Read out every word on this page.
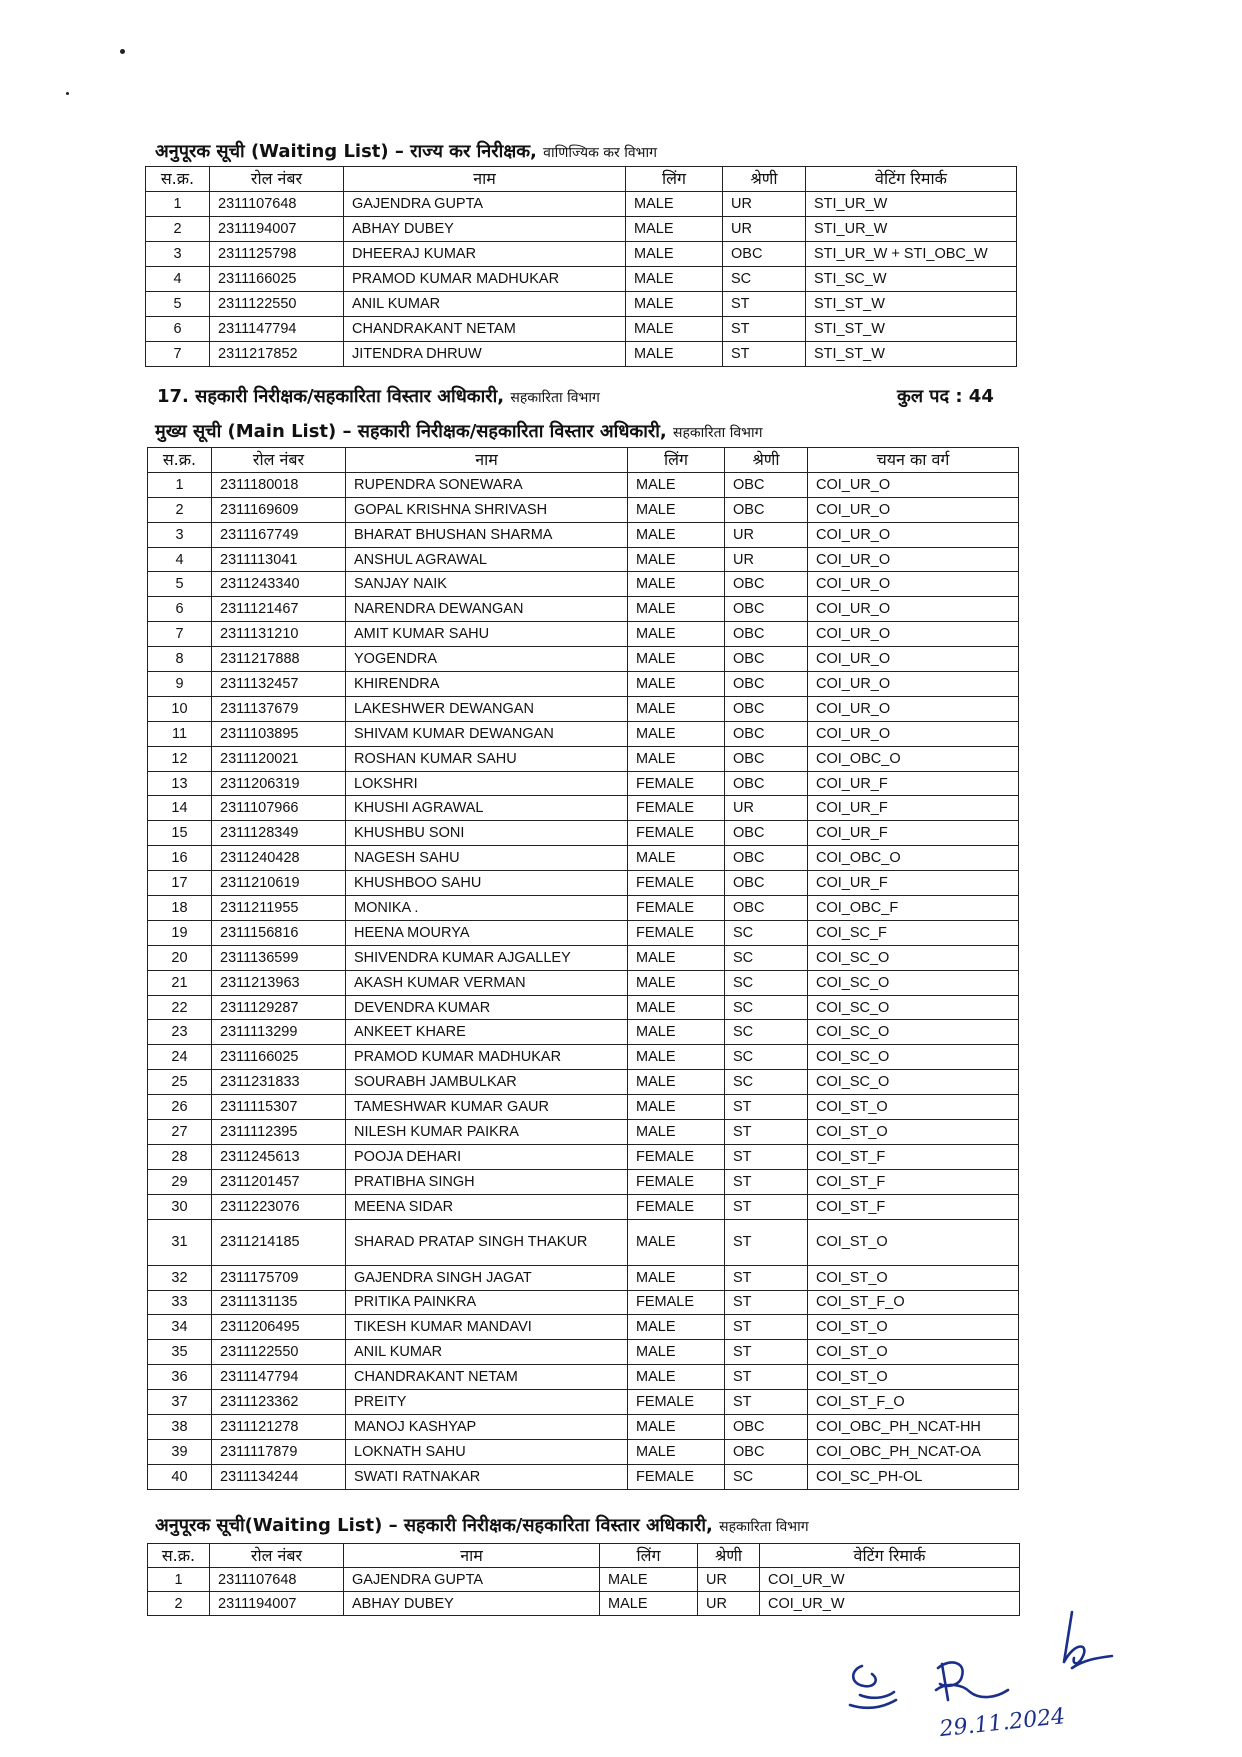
अनुपूरक सूची (Waiting List) – राज्य कर निरीक्षक, वाणिज्यिक कर विभाग
स.क्र.	रोल नंबर	नाम	लिंग	श्रेणी	वेटिंग रिमार्क
1	2311107648	GAJENDRA GUPTA	MALE	UR	STI_UR_W
2	2311194007	ABHAY DUBEY	MALE	UR	STI_UR_W
3	2311125798	DHEERAJ KUMAR	MALE	OBC	STI_UR_W + STI_OBC_W
4	2311166025	PRAMOD KUMAR MADHUKAR	MALE	SC	STI_SC_W
5	2311122550	ANIL KUMAR	MALE	ST	STI_ST_W
6	2311147794	CHANDRAKANT NETAM	MALE	ST	STI_ST_W
7	2311217852	JITENDRA DHRUW	MALE	ST	STI_ST_W
17. सहकारी निरीक्षक/सहकारिता विस्तार अधिकारी, सहकारिता विभाग	कुल पद : 44
मुख्य सूची (Main List) – सहकारी निरीक्षक/सहकारिता विस्तार अधिकारी, सहकारिता विभाग
स.क्र.	रोल नंबर	नाम	लिंग	श्रेणी	चयन का वर्ग
1	2311180018	RUPENDRA SONEWARA	MALE	OBC	COI_UR_O
2	2311169609	GOPAL KRISHNA SHRIVASH	MALE	OBC	COI_UR_O
3	2311167749	BHARAT BHUSHAN SHARMA	MALE	UR	COI_UR_O
4	2311113041	ANSHUL AGRAWAL	MALE	UR	COI_UR_O
5	2311243340	SANJAY NAIK	MALE	OBC	COI_UR_O
6	2311121467	NARENDRA DEWANGAN	MALE	OBC	COI_UR_O
7	2311131210	AMIT KUMAR SAHU	MALE	OBC	COI_UR_O
8	2311217888	YOGENDRA	MALE	OBC	COI_UR_O
9	2311132457	KHIRENDRA	MALE	OBC	COI_UR_O
10	2311137679	LAKESHWER DEWANGAN	MALE	OBC	COI_UR_O
11	2311103895	SHIVAM KUMAR DEWANGAN	MALE	OBC	COI_UR_O
12	2311120021	ROSHAN KUMAR SAHU	MALE	OBC	COI_OBC_O
13	2311206319	LOKSHRI	FEMALE	OBC	COI_UR_F
14	2311107966	KHUSHI AGRAWAL	FEMALE	UR	COI_UR_F
15	2311128349	KHUSHBU SONI	FEMALE	OBC	COI_UR_F
16	2311240428	NAGESH SAHU	MALE	OBC	COI_OBC_O
17	2311210619	KHUSHBOO SAHU	FEMALE	OBC	COI_UR_F
18	2311211955	MONIKA .	FEMALE	OBC	COI_OBC_F
19	2311156816	HEENA MOURYA	FEMALE	SC	COI_SC_F
20	2311136599	SHIVENDRA KUMAR AJGALLEY	MALE	SC	COI_SC_O
21	2311213963	AKASH KUMAR VERMAN	MALE	SC	COI_SC_O
22	2311129287	DEVENDRA KUMAR	MALE	SC	COI_SC_O
23	2311113299	ANKEET KHARE	MALE	SC	COI_SC_O
24	2311166025	PRAMOD KUMAR MADHUKAR	MALE	SC	COI_SC_O
25	2311231833	SOURABH JAMBULKAR	MALE	SC	COI_SC_O
26	2311115307	TAMESHWAR KUMAR GAUR	MALE	ST	COI_ST_O
27	2311112395	NILESH KUMAR PAIKRA	MALE	ST	COI_ST_O
28	2311245613	POOJA DEHARI	FEMALE	ST	COI_ST_F
29	2311201457	PRATIBHA SINGH	FEMALE	ST	COI_ST_F
30	2311223076	MEENA SIDAR	FEMALE	ST	COI_ST_F
31	2311214185	SHARAD PRATAP SINGH THAKUR	MALE	ST	COI_ST_O
32	2311175709	GAJENDRA SINGH JAGAT	MALE	ST	COI_ST_O
33	2311131135	PRITIKA PAINKRA	FEMALE	ST	COI_ST_F_O
34	2311206495	TIKESH KUMAR MANDAVI	MALE	ST	COI_ST_O
35	2311122550	ANIL KUMAR	MALE	ST	COI_ST_O
36	2311147794	CHANDRAKANT NETAM	MALE	ST	COI_ST_O
37	2311123362	PREITY	FEMALE	ST	COI_ST_F_O
38	2311121278	MANOJ KASHYAP	MALE	OBC	COI_OBC_PH_NCAT-HH
39	2311117879	LOKNATH SAHU	MALE	OBC	COI_OBC_PH_NCAT-OA
40	2311134244	SWATI RATNAKAR	FEMALE	SC	COI_SC_PH-OL
अनुपूरक सूची(Waiting List) – सहकारी निरीक्षक/सहकारिता विस्तार अधिकारी, सहकारिता विभाग
स.क्र.	रोल नंबर	नाम	लिंग	श्रेणी	वेटिंग रिमार्क
1	2311107648	GAJENDRA GUPTA	MALE	UR	COI_UR_W
2	2311194007	ABHAY DUBEY	MALE	UR	COI_UR_W
29.11.2024
